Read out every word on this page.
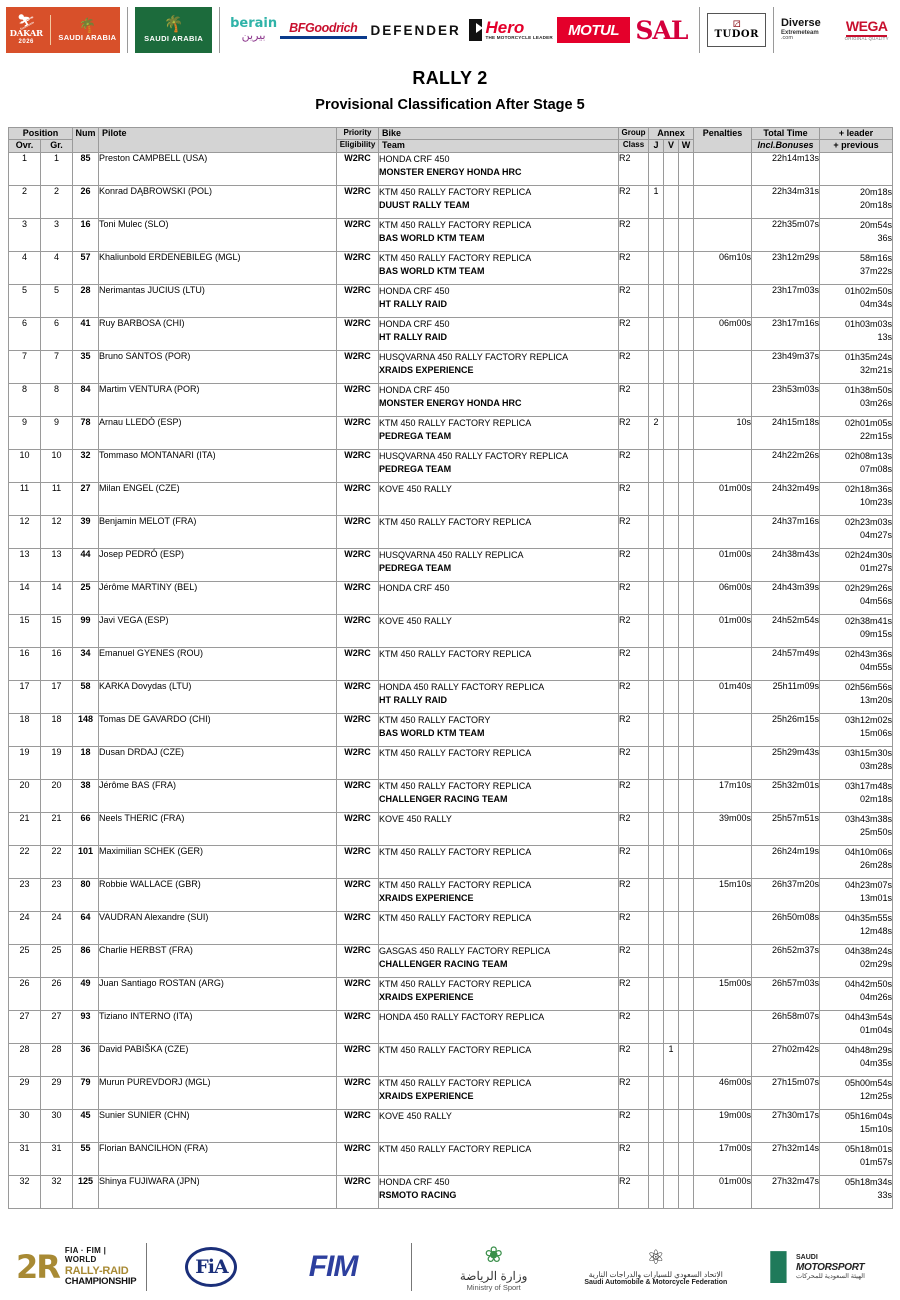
⛷
DAKAR
2026
🌴
SAUDI ARABIA
🌴
SAUDI ARABIA
berain
بيرين
BFGoodrich DEFENDER Hero
THE MOTORCYCLE LEADER MOTUL SAL	⚂
TUDOR
Diverse
Extremeteam
.com
WEGA
ORIGINAL QUALITY
RALLY 2
Provisional Classification After Stage 5
Position		Num	Pilote	Priority	Bike	Group	Annex			Penalties	Total Time	+ leader
Ovr.	Gr.			Eligibility	Team	Class	J	V	W		Incl.Bonuses	+ previous
1	1	85	Preston CAMPBELL (USA)	W2RC	HONDA CRF 450
MONSTER ENERGY HONDA HRC	R2					22h14m13s	

2	2	26	Konrad DĄBROWSKI (POL)	W2RC	KTM 450 RALLY FACTORY REPLICA
DUUST RALLY TEAM	R2	1				22h34m31s	20m18s
20m18s

3	3	16	Toni Mulec (SLO)	W2RC	KTM 450 RALLY FACTORY REPLICA
BAS WORLD KTM TEAM	R2					22h35m07s	20m54s
36s

4	4	57	Khaliunbold ERDENEBILEG (MGL)	W2RC	KTM 450 RALLY FACTORY REPLICA
BAS WORLD KTM TEAM	R2				06m10s	23h12m29s	58m16s
37m22s

5	5	28	Nerimantas JUCIUS (LTU)	W2RC	HONDA CRF 450
HT RALLY RAID	R2					23h17m03s	01h02m50s
04m34s

6	6	41	Ruy BARBOSA (CHI)	W2RC	HONDA CRF 450
HT RALLY RAID	R2				06m00s	23h17m16s	01h03m03s
13s

7	7	35	Bruno SANTOS (POR)	W2RC	HUSQVARNA 450 RALLY FACTORY REPLICA
XRAIDS EXPERIENCE	R2					23h49m37s	01h35m24s
32m21s

8	8	84	Martim VENTURA (POR)	W2RC	HONDA CRF 450
MONSTER ENERGY HONDA HRC	R2					23h53m03s	01h38m50s
03m26s

9	9	78	Arnau LLEDÓ (ESP)	W2RC	KTM 450 RALLY FACTORY REPLICA
PEDREGA TEAM	R2	2			10s	24h15m18s	02h01m05s
22m15s

10	10	32	Tommaso MONTANARI (ITA)	W2RC	HUSQVARNA 450 RALLY FACTORY REPLICA
PEDREGA TEAM	R2					24h22m26s	02h08m13s
07m08s

11	11	27	Milan ENGEL (CZE)	W2RC	KOVE 450 RALLY	R2				01m00s	24h32m49s	02h18m36s
10m23s

12	12	39	Benjamin MELOT (FRA)	W2RC	KTM 450 RALLY FACTORY REPLICA	R2					24h37m16s	02h23m03s
04m27s

13	13	44	Josep PEDRÓ (ESP)	W2RC	HUSQVARNA 450 RALLY REPLICA
PEDREGA TEAM	R2				01m00s	24h38m43s	02h24m30s
01m27s

14	14	25	Jérôme MARTINY (BEL)	W2RC	HONDA CRF 450	R2				06m00s	24h43m39s	02h29m26s
04m56s

15	15	99	Javi VEGA (ESP)	W2RC	KOVE 450 RALLY	R2				01m00s	24h52m54s	02h38m41s
09m15s

16	16	34	Emanuel GYENES (ROU)	W2RC	KTM 450 RALLY FACTORY REPLICA	R2					24h57m49s	02h43m36s
04m55s

17	17	58	KARKA Dovydas (LTU)	W2RC	HONDA 450 RALLY FACTORY REPLICA
HT RALLY RAID	R2				01m40s	25h11m09s	02h56m56s
13m20s

18	18	148	Tomas DE GAVARDO (CHI)	W2RC	KTM 450 RALLY FACTORY
BAS WORLD KTM TEAM	R2					25h26m15s	03h12m02s
15m06s

19	19	18	Dusan DRDAJ (CZE)	W2RC	KTM 450 RALLY FACTORY REPLICA	R2					25h29m43s	03h15m30s
03m28s

20	20	38	Jérôme BAS (FRA)	W2RC	KTM 450 RALLY FACTORY REPLICA
CHALLENGER RACING TEAM	R2				17m10s	25h32m01s	03h17m48s
02m18s

21	21	66	Neels THERIC (FRA)	W2RC	KOVE 450 RALLY	R2				39m00s	25h57m51s	03h43m38s
25m50s

22	22	101	Maximilian SCHEK (GER)	W2RC	KTM 450 RALLY FACTORY REPLICA	R2					26h24m19s	04h10m06s
26m28s

23	23	80	Robbie WALLACE (GBR)	W2RC	KTM 450 RALLY FACTORY REPLICA
XRAIDS EXPERIENCE	R2				15m10s	26h37m20s	04h23m07s
13m01s

24	24	64	VAUDRAN Alexandre (SUI)	W2RC	KTM 450 RALLY FACTORY REPLICA	R2					26h50m08s	04h35m55s
12m48s

25	25	86	Charlie HERBST (FRA)	W2RC	GASGAS 450 RALLY FACTORY REPLICA
CHALLENGER RACING TEAM	R2					26h52m37s	04h38m24s
02m29s

26	26	49	Juan Santiago ROSTAN (ARG)	W2RC	KTM 450 RALLY FACTORY REPLICA
XRAIDS EXPERIENCE	R2				15m00s	26h57m03s	04h42m50s
04m26s

27	27	93	Tiziano INTERNO (ITA)	W2RC	HONDA 450 RALLY FACTORY REPLICA	R2					26h58m07s	04h43m54s
01m04s

28	28	36	David PABIŠKA (CZE)	W2RC	KTM 450 RALLY FACTORY REPLICA	R2		1			27h02m42s	04h48m29s
04m35s

29	29	79	Murun PUREVDORJ (MGL)	W2RC	KTM 450 RALLY FACTORY REPLICA
XRAIDS EXPERIENCE	R2				46m00s	27h15m07s	05h00m54s
12m25s

30	30	45	Sunier SUNIER (CHN)	W2RC	KOVE 450 RALLY	R2				19m00s	27h30m17s	05h16m04s
15m10s

31	31	55	Florian BANCILHON (FRA)	W2RC	KTM 450 RALLY FACTORY REPLICA	R2				17m00s	27h32m14s	05h18m01s
01m57s

32	32	125	Shinya FUJIWARA (JPN)	W2RC	HONDA CRF 450
RSMOTO RACING	R2				01m00s	27h32m47s	05h18m34s
33s
2R FIA · FIM | WORLD
RALLY-RAID
CHAMPIONSHIP
FiA	FIM	❀
وزارة الرياضة
Ministry of Sport
⚛
الاتحاد السعودي للسيارات والدراجات النارية
Saudi Automobile & Motorcycle Federation
▊ SAUDI
MOTORSPORT
الهيئة السعودية للمحركات
